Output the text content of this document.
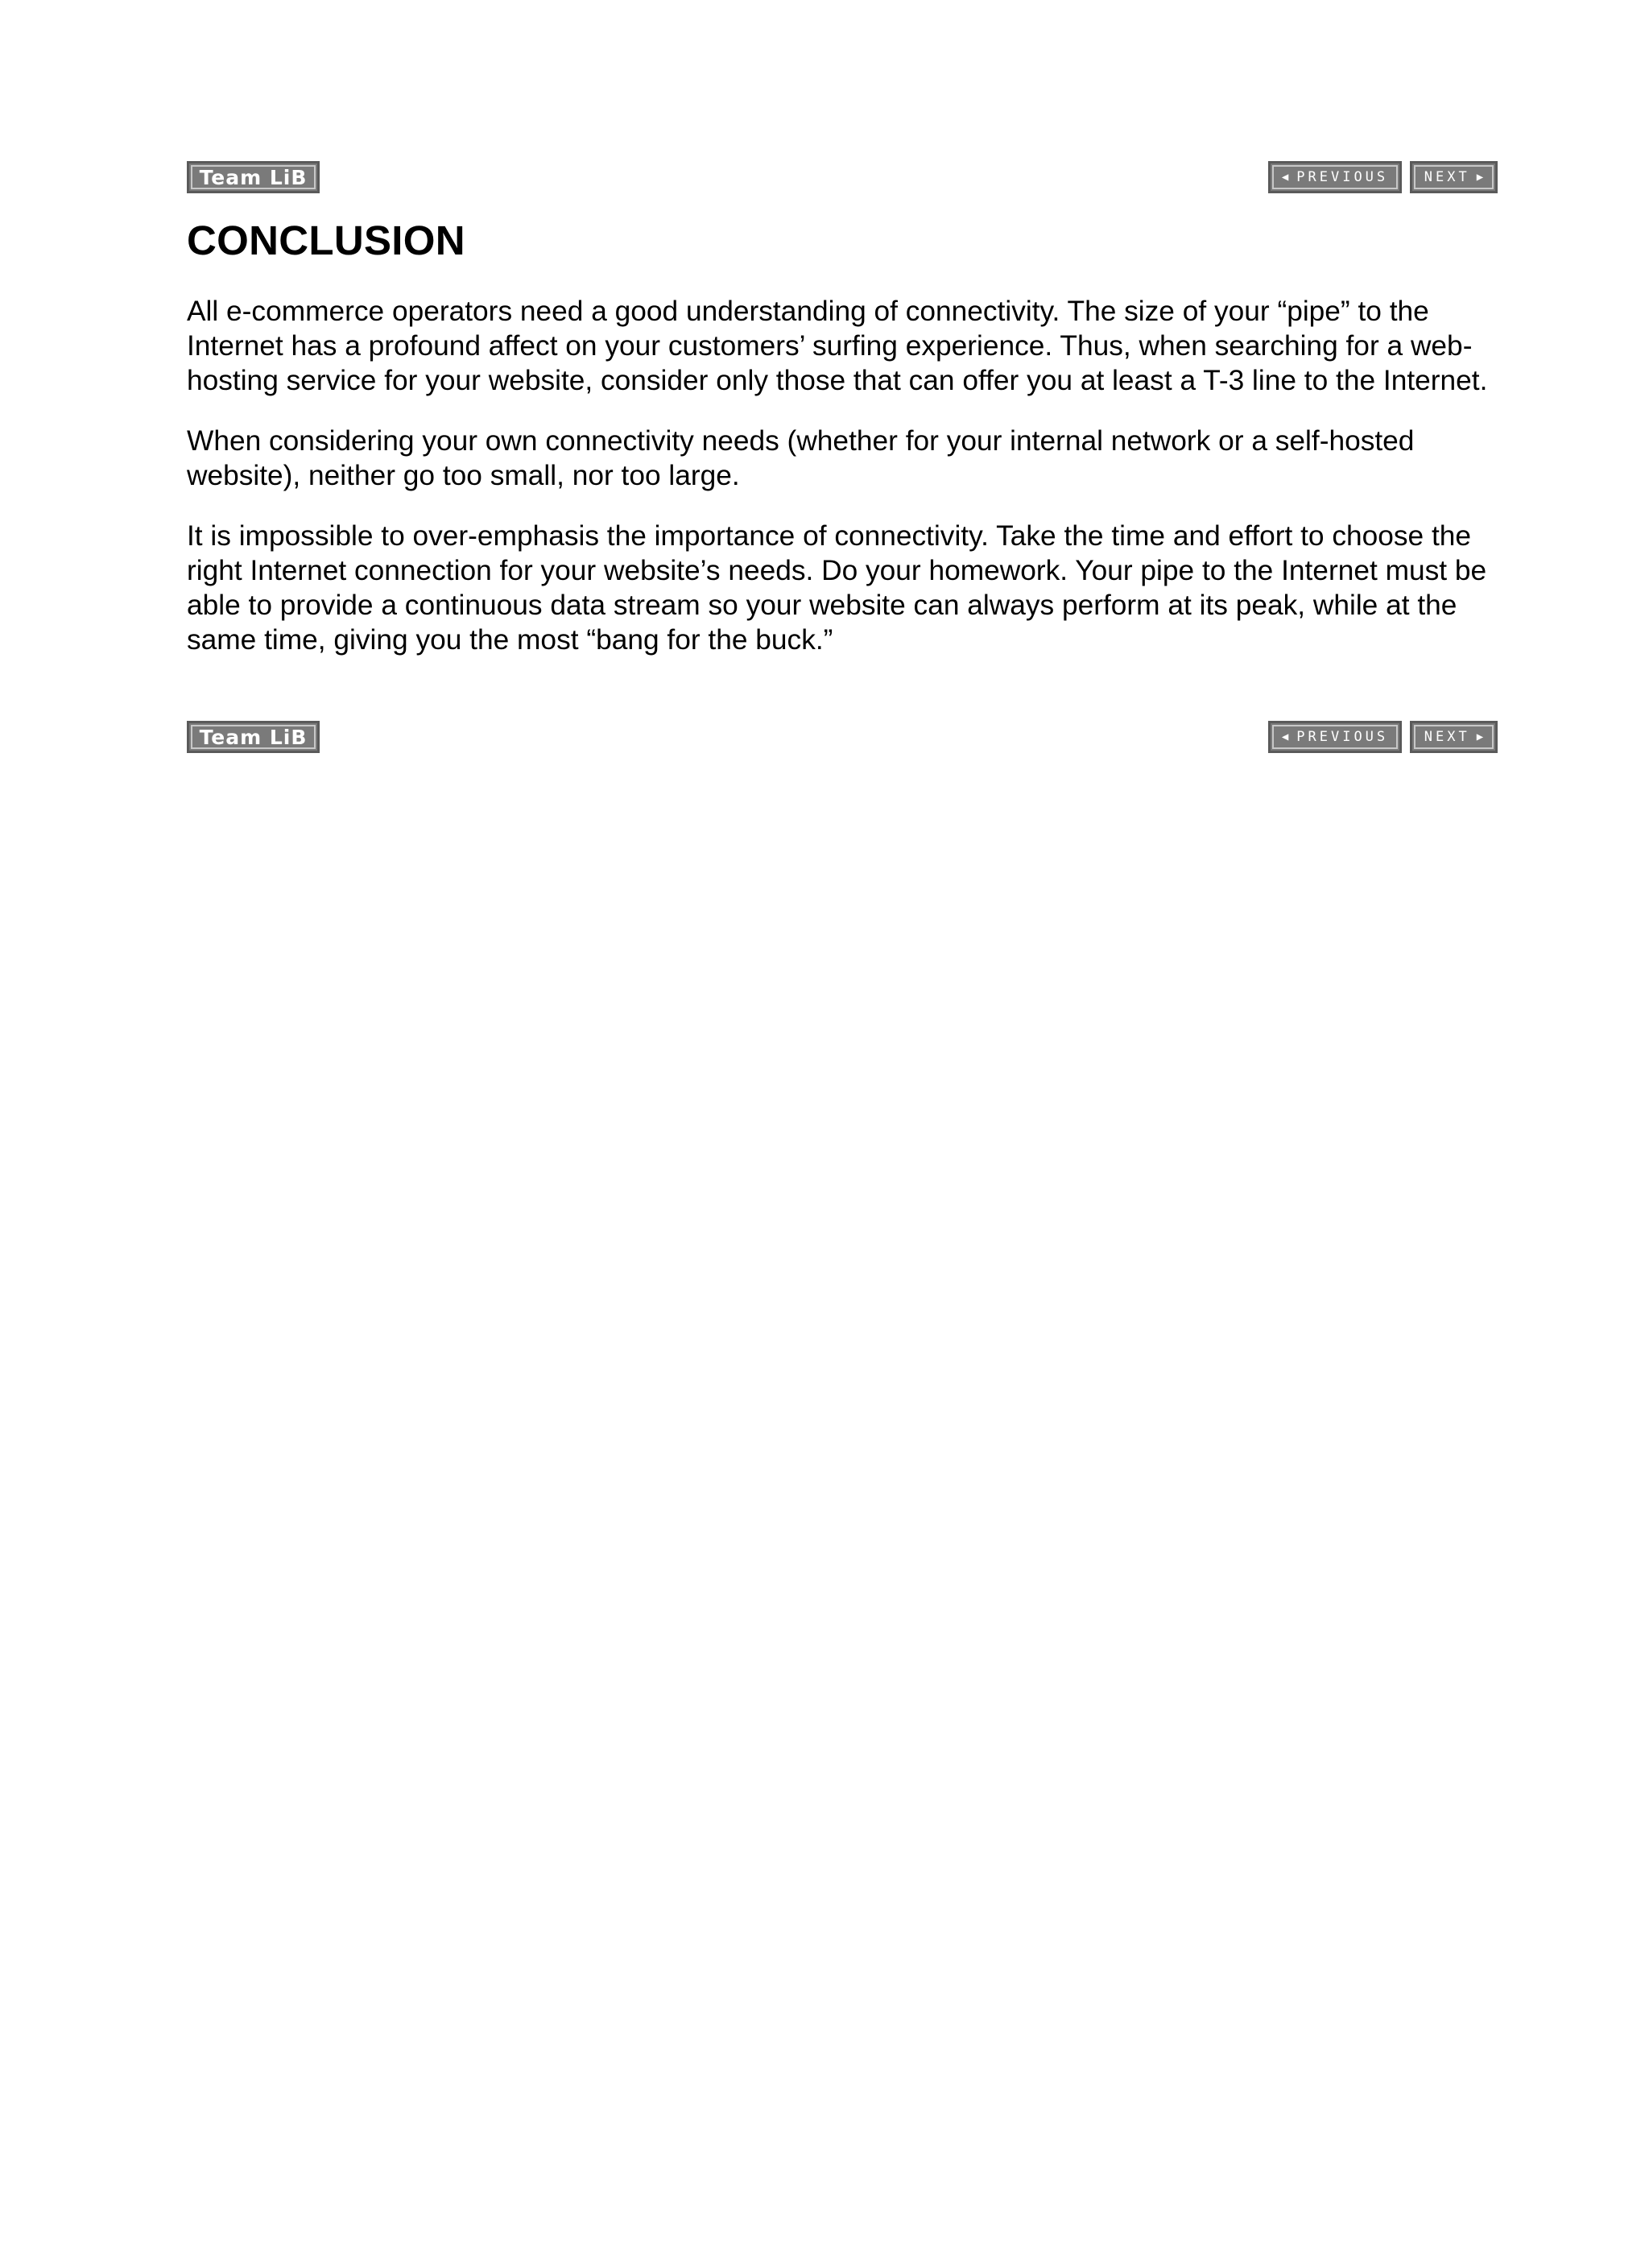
Team LiB	◀ PREVIOUS	NEXT ▶
CONCLUSION

All e-commerce operators need a good understanding of connectivity. The size of your “pipe” to the Internet has a profound affect on your customers’ surfing experience. Thus, when searching for a web-hosting service for your website, consider only those that can offer you at least a T-3 line to the Internet.

When considering your own connectivity needs (whether for your internal network or a self-hosted website), neither go too small, nor too large.

It is impossible to over-emphasis the importance of connectivity. Take the time and effort to choose the right Internet connection for your website’s needs. Do your homework. Your pipe to the Internet must be able to provide a continuous data stream so your website can always perform at its peak, while at the same time, giving you the most “bang for the buck.”

Team LiB	◀ PREVIOUS	NEXT ▶
